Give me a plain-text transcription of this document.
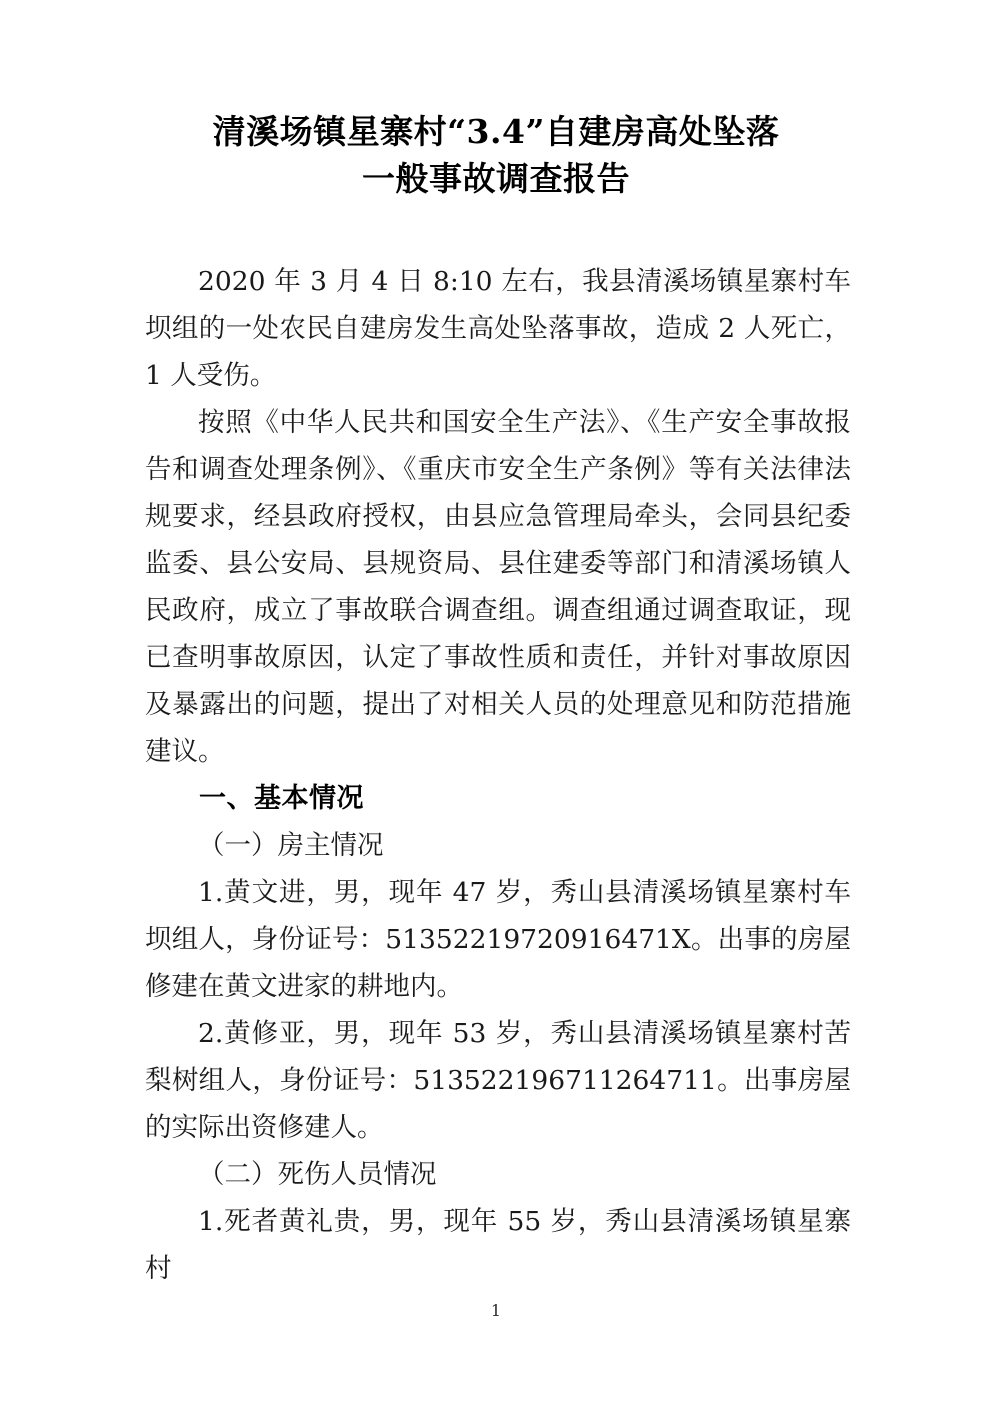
清溪场镇星寨村“3.4”自建房高处坠落
一般事故调查报告

2020 年 3 月 4 日 8:10 左右，我县清溪场镇星寨村车坝组的一处农民自建房发生高处坠落事故，造成 2 人死亡，1 人受伤。

按照《中华人民共和国安全生产法》、《生产安全事故报告和调查处理条例》、《重庆市安全生产条例》等有关法律法规要求，经县政府授权，由县应急管理局牵头，会同县纪委监委、县公安局、县规资局、县住建委等部门和清溪场镇人民政府，成立了事故联合调查组。调查组通过调查取证，现已查明事故原因，认定了事故性质和责任，并针对事故原因及暴露出的问题，提出了对相关人员的处理意见和防范措施建议。

一、基本情况

（一）房主情况

1.黄文进，男，现年 47 岁，秀山县清溪场镇星寨村车坝组人，身份证号：51352219720916471X。出事的房屋修建在黄文进家的耕地内。

2.黄修亚，男，现年 53 岁，秀山县清溪场镇星寨村苦梨树组人，身份证号：513522196711264711。出事房屋的实际出资修建人。

（二）死伤人员情况

1.死者黄礼贵，男，现年 55 岁，秀山县清溪场镇星寨村

1
